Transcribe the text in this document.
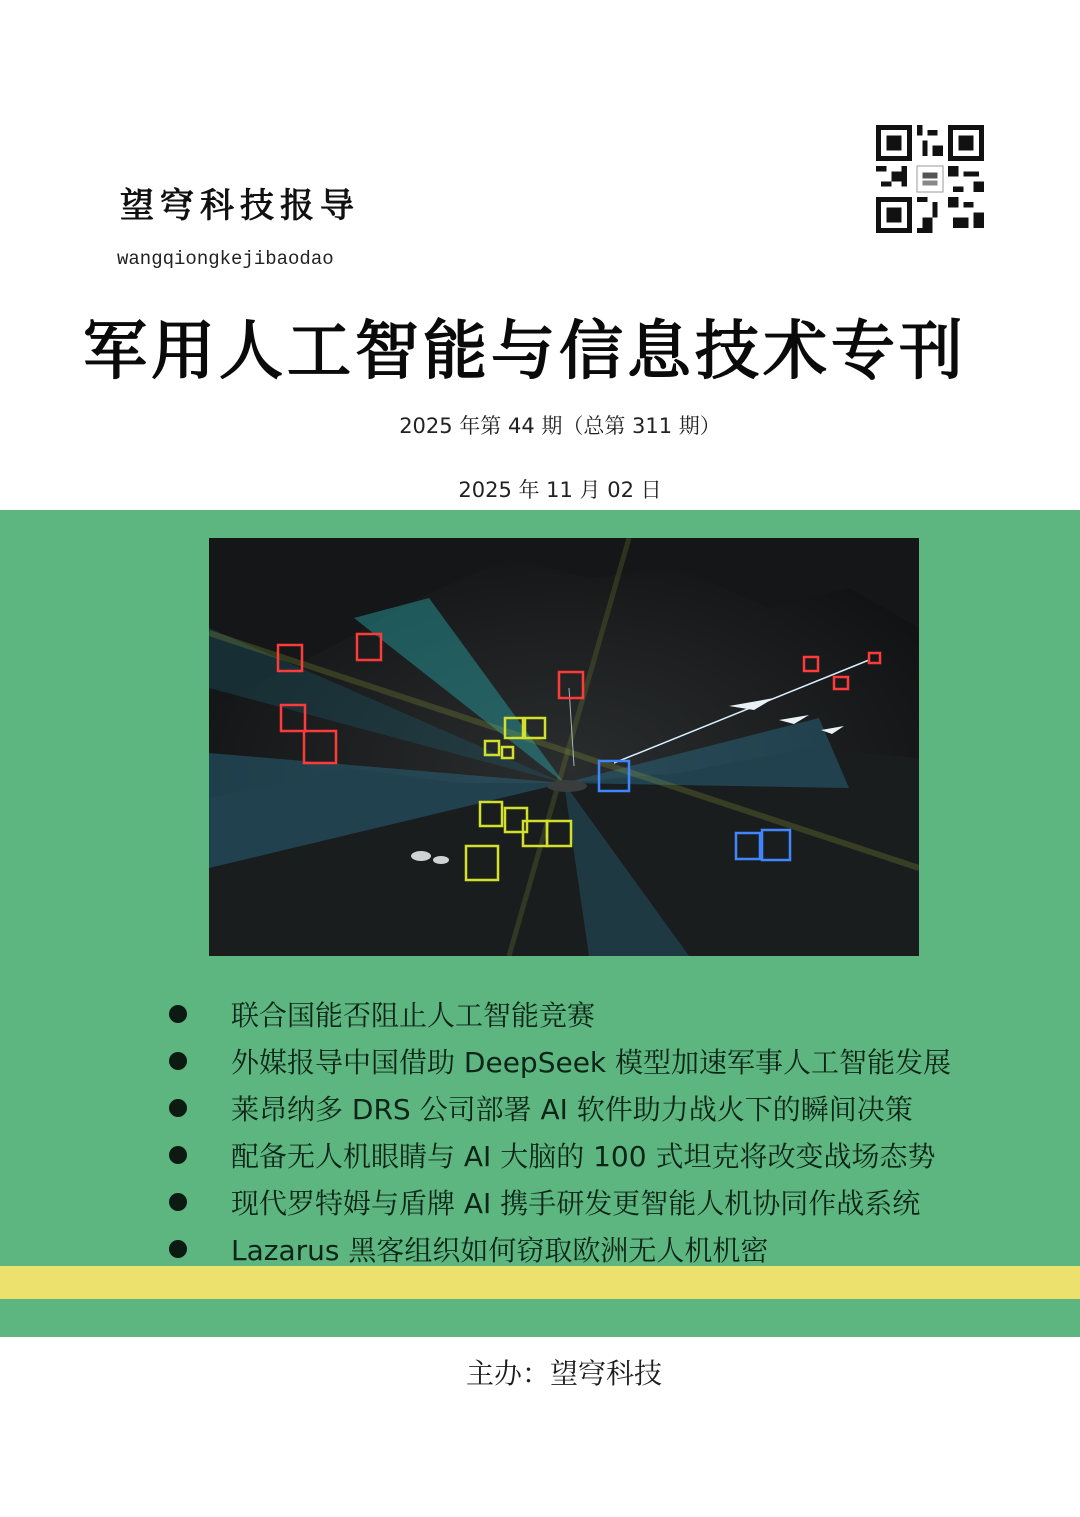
望穹科技报导
wangqiongkejibaodao
军用人工智能与信息技术专刊
2025 年第 44 期（总第 311 期）
2025 年 11 月 02 日
联合国能否阻止人工智能竞赛
外媒报导中国借助 DeepSeek 模型加速军事人工智能发展
莱昂纳多 DRS 公司部署 AI 软件助力战火下的瞬间决策
配备无人机眼睛与 AI 大脑的 100 式坦克将改变战场态势
现代罗特姆与盾牌 AI 携手研发更智能人机协同作战系统
Lazarus 黑客组织如何窃取欧洲无人机机密
主办：望穹科技
